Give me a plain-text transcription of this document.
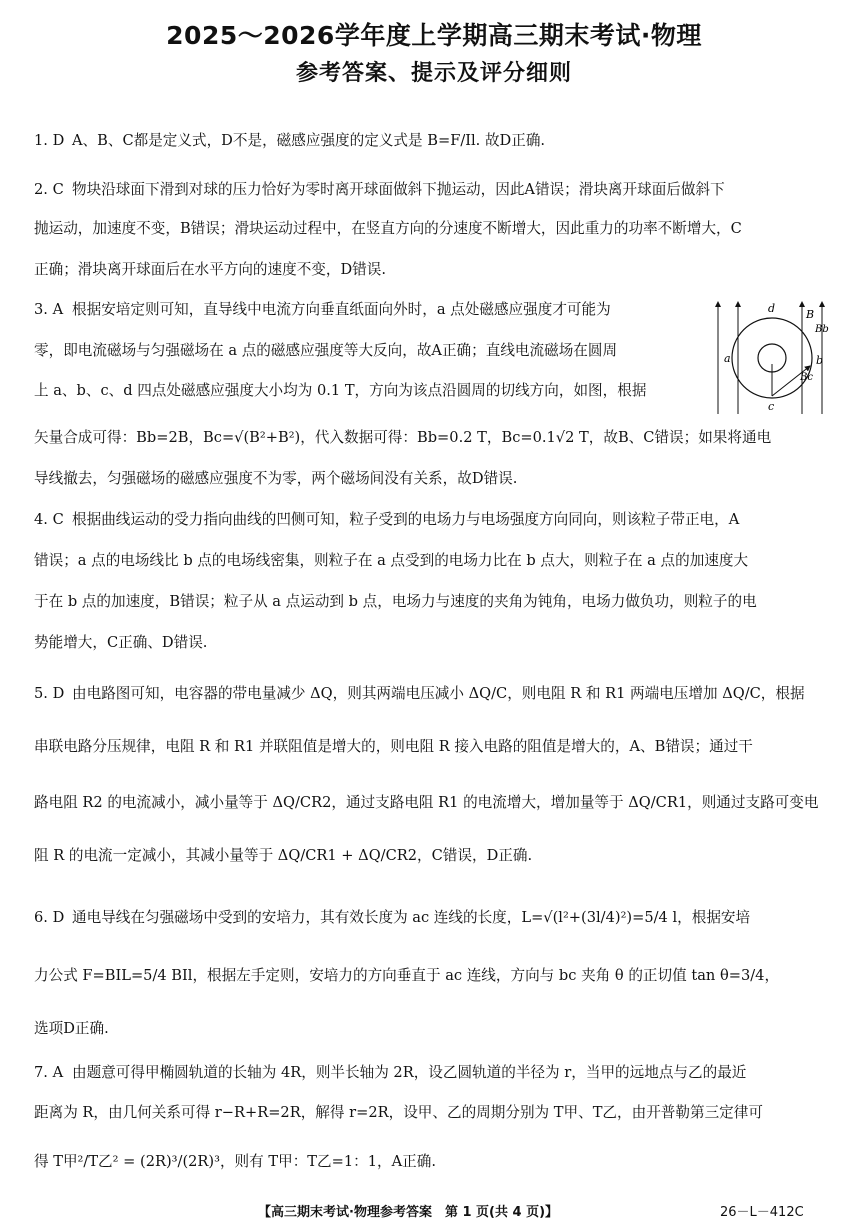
2025～2026学年度上学期高三期末考试·物理
参考答案、提示及评分细则
1. D A、B、C都是定义式，D不是，磁感应强度的定义式是 B=F/Il. 故D正确.
2. C 物块沿球面下滑到对球的压力恰好为零时离开球面做斜下抛运动，因此A错误；滑块离开球面后做斜下
抛运动，加速度不变，B错误；滑块运动过程中，在竖直方向的分速度不断增大，因此重力的功率不断增大，C
正确；滑块离开球面后在水平方向的速度不变，D错误.
3. A 根据安培定则可知，直导线中电流方向垂直纸面向外时，a 点处磁感应强度才可能为
零，即电流磁场与匀强磁场在 a 点的磁感应强度等大反向，故A正确；直线电流磁场在圆周
上 a、b、c、d 四点处磁感应强度大小均为 0.1 T，方向为该点沿圆周的切线方向，如图，根据
矢量合成可得：Bb=2B，Bc=√(B²+B²)，代入数据可得：Bb=0.2 T，Bc=0.1√2 T，故B、C错误；如果将通电
导线撤去，匀强磁场的磁感应强度不为零，两个磁场间没有关系，故D错误.
d	B
Bb
a	b
Bc
c
4. C 根据曲线运动的受力指向曲线的凹侧可知，粒子受到的电场力与电场强度方向同向，则该粒子带正电，A
错误；a 点的电场线比 b 点的电场线密集，则粒子在 a 点受到的电场力比在 b 点大，则粒子在 a 点的加速度大
于在 b 点的加速度，B错误；粒子从 a 点运动到 b 点，电场力与速度的夹角为钝角，电场力做负功，则粒子的电
势能增大，C正确、D错误.
5. D 由电路图可知，电容器的带电量减少 ΔQ，则其两端电压减小 ΔQ/C，则电阻 R 和 R1 两端电压增加 ΔQ/C，根据
串联电路分压规律，电阻 R 和 R1 并联阻值是增大的，则电阻 R 接入电路的阻值是增大的，A、B错误；通过干
路电阻 R2 的电流减小，减小量等于 ΔQ/CR2，通过支路电阻 R1 的电流增大，增加量等于 ΔQ/CR1，则通过支路可变电
阻 R 的电流一定减小，其减小量等于 ΔQ/CR1 + ΔQ/CR2，C错误，D正确.
6. D 通电导线在匀强磁场中受到的安培力，其有效长度为 ac 连线的长度，L=√(l²+(3l/4)²)=5/4 l，根据安培
力公式 F=BIL=5/4 BIl，根据左手定则，安培力的方向垂直于 ac 连线，方向与 bc 夹角 θ 的正切值 tan θ=3/4，
选项D正确.
7. A 由题意可得甲椭圆轨道的长轴为 4R，则半长轴为 2R，设乙圆轨道的半径为 r，当甲的远地点与乙的最近
距离为 R，由几何关系可得 r−R+R=2R，解得 r=2R，设甲、乙的周期分别为 T甲、T乙，由开普勒第三定律可
得 T甲²/T乙² = (2R)³/(2R)³，则有 T甲：T乙=1：1，A正确.
【高三期末考试·物理参考答案　第 1 页(共 4 页)】	26－L－412C
